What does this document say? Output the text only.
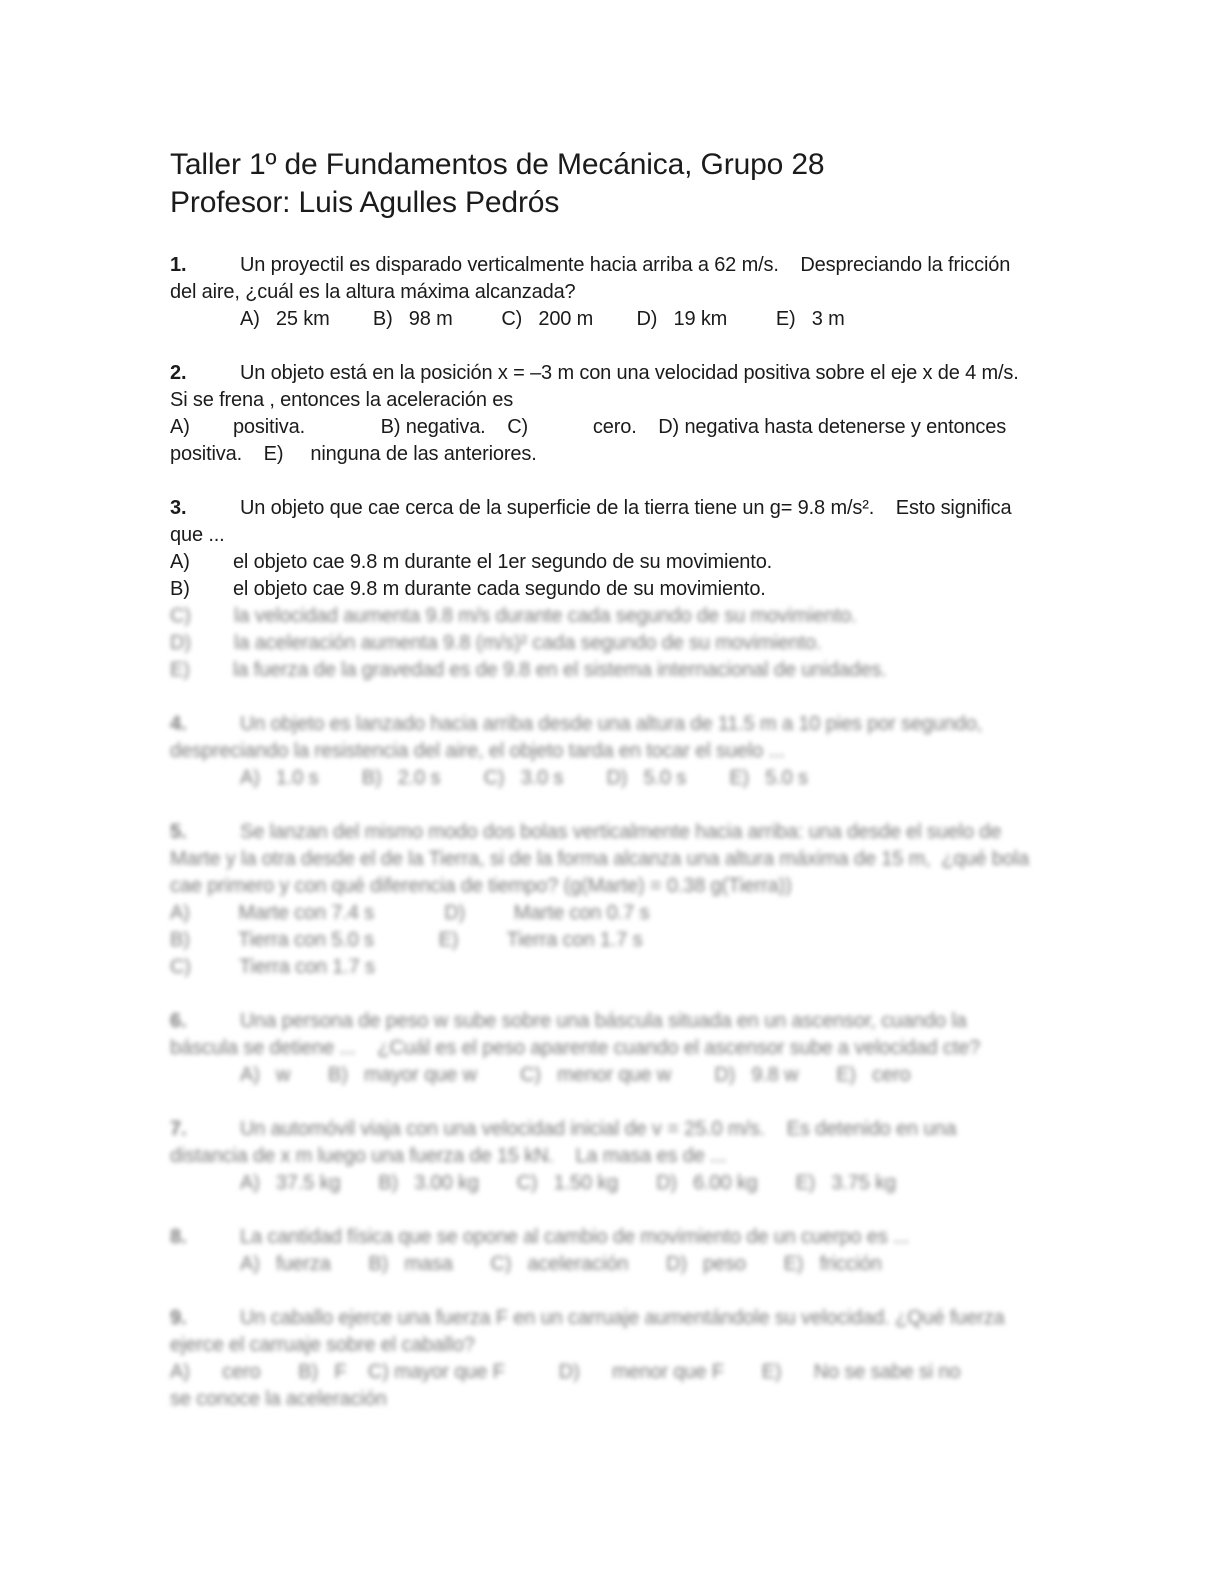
Taller 1º de Fundamentos de Mecánica, Grupo 28
Profesor: Luis Agulles Pedrós
1.	Un proyectil es disparado verticalmente hacia arriba a 62 m/s.    Despreciando la fricción
del aire, ¿cuál es la altura máxima alcanzada?
A)   25 km        B)   98 m         C)   200 m        D)   19 km         E)   3 m
2.	Un objeto está en la posición x = –3 m con una velocidad positiva sobre el eje x de 4 m/s.
Si se frena , entonces la aceleración es
A)        positiva.              B) negativa.    C)            cero.    D) negativa hasta detenerse y entonces
positiva.    E)     ninguna de las anteriores.
3.	Un objeto que cae cerca de la superficie de la tierra tiene un g= 9.8 m/s².    Esto significa
que ...
A)        el objeto cae 9.8 m durante el 1er segundo de su movimiento.
B)        el objeto cae 9.8 m durante cada segundo de su movimiento.
C)        la velocidad aumenta 9.8 m/s durante cada segundo de su movimiento.
D)        la aceleración aumenta 9.8 (m/s)² cada segundo de su movimiento.
E)        la fuerza de la gravedad es de 9.8 en el sistema internacional de unidades.
4.	Un objeto es lanzado hacia arriba desde una altura de 11.5 m a 10 pies por segundo,
despreciando la resistencia del aire, el objeto tarda en tocar el suelo ...
A)   1.0 s        B)   2.0 s        C)   3.0 s        D)   5.0 s        E)   5.0 s
5.	Se lanzan del mismo modo dos bolas verticalmente hacia arriba: una desde el suelo de
Marte y la otra desde el de la Tierra, si de la forma alcanza una altura máxima de 15 m,  ¿qué bola
cae primero y con qué diferencia de tiempo? (g(Marte) = 0.38 g(Tierra))
A)         Marte con 7.4 s             D)         Marte con 0.7 s
B)         Tierra con 5.0 s            E)         Tierra con 1.7 s
C)         Tierra con 1.7 s
6.	Una persona de peso w sube sobre una báscula situada en un ascensor, cuando la
báscula se detiene ...    ¿Cuál es el peso aparente cuando el ascensor sube a velocidad cte?
A)   w       B)   mayor que w        C)   menor que w        D)   9.8 w       E)   cero
7.	Un automóvil viaja con una velocidad inicial de v = 25.0 m/s.    Es detenido en una
distancia de x m luego una fuerza de 15 kN.    La masa es de ...
A)   37.5 kg       B)   3.00 kg       C)   1.50 kg       D)   6.00 kg       E)   3.75 kg
8.	La cantidad física que se opone al cambio de movimiento de un cuerpo es ...
A)   fuerza       B)   masa       C)   aceleración       D)   peso       E)   fricción
9.	Un caballo ejerce una fuerza F en un carruaje aumentándole su velocidad. ¿Qué fuerza
ejerce el carruaje sobre el caballo?
A)      cero       B)   F    C) mayor que F          D)      menor que F       E)      No se sabe si no
se conoce la aceleración
